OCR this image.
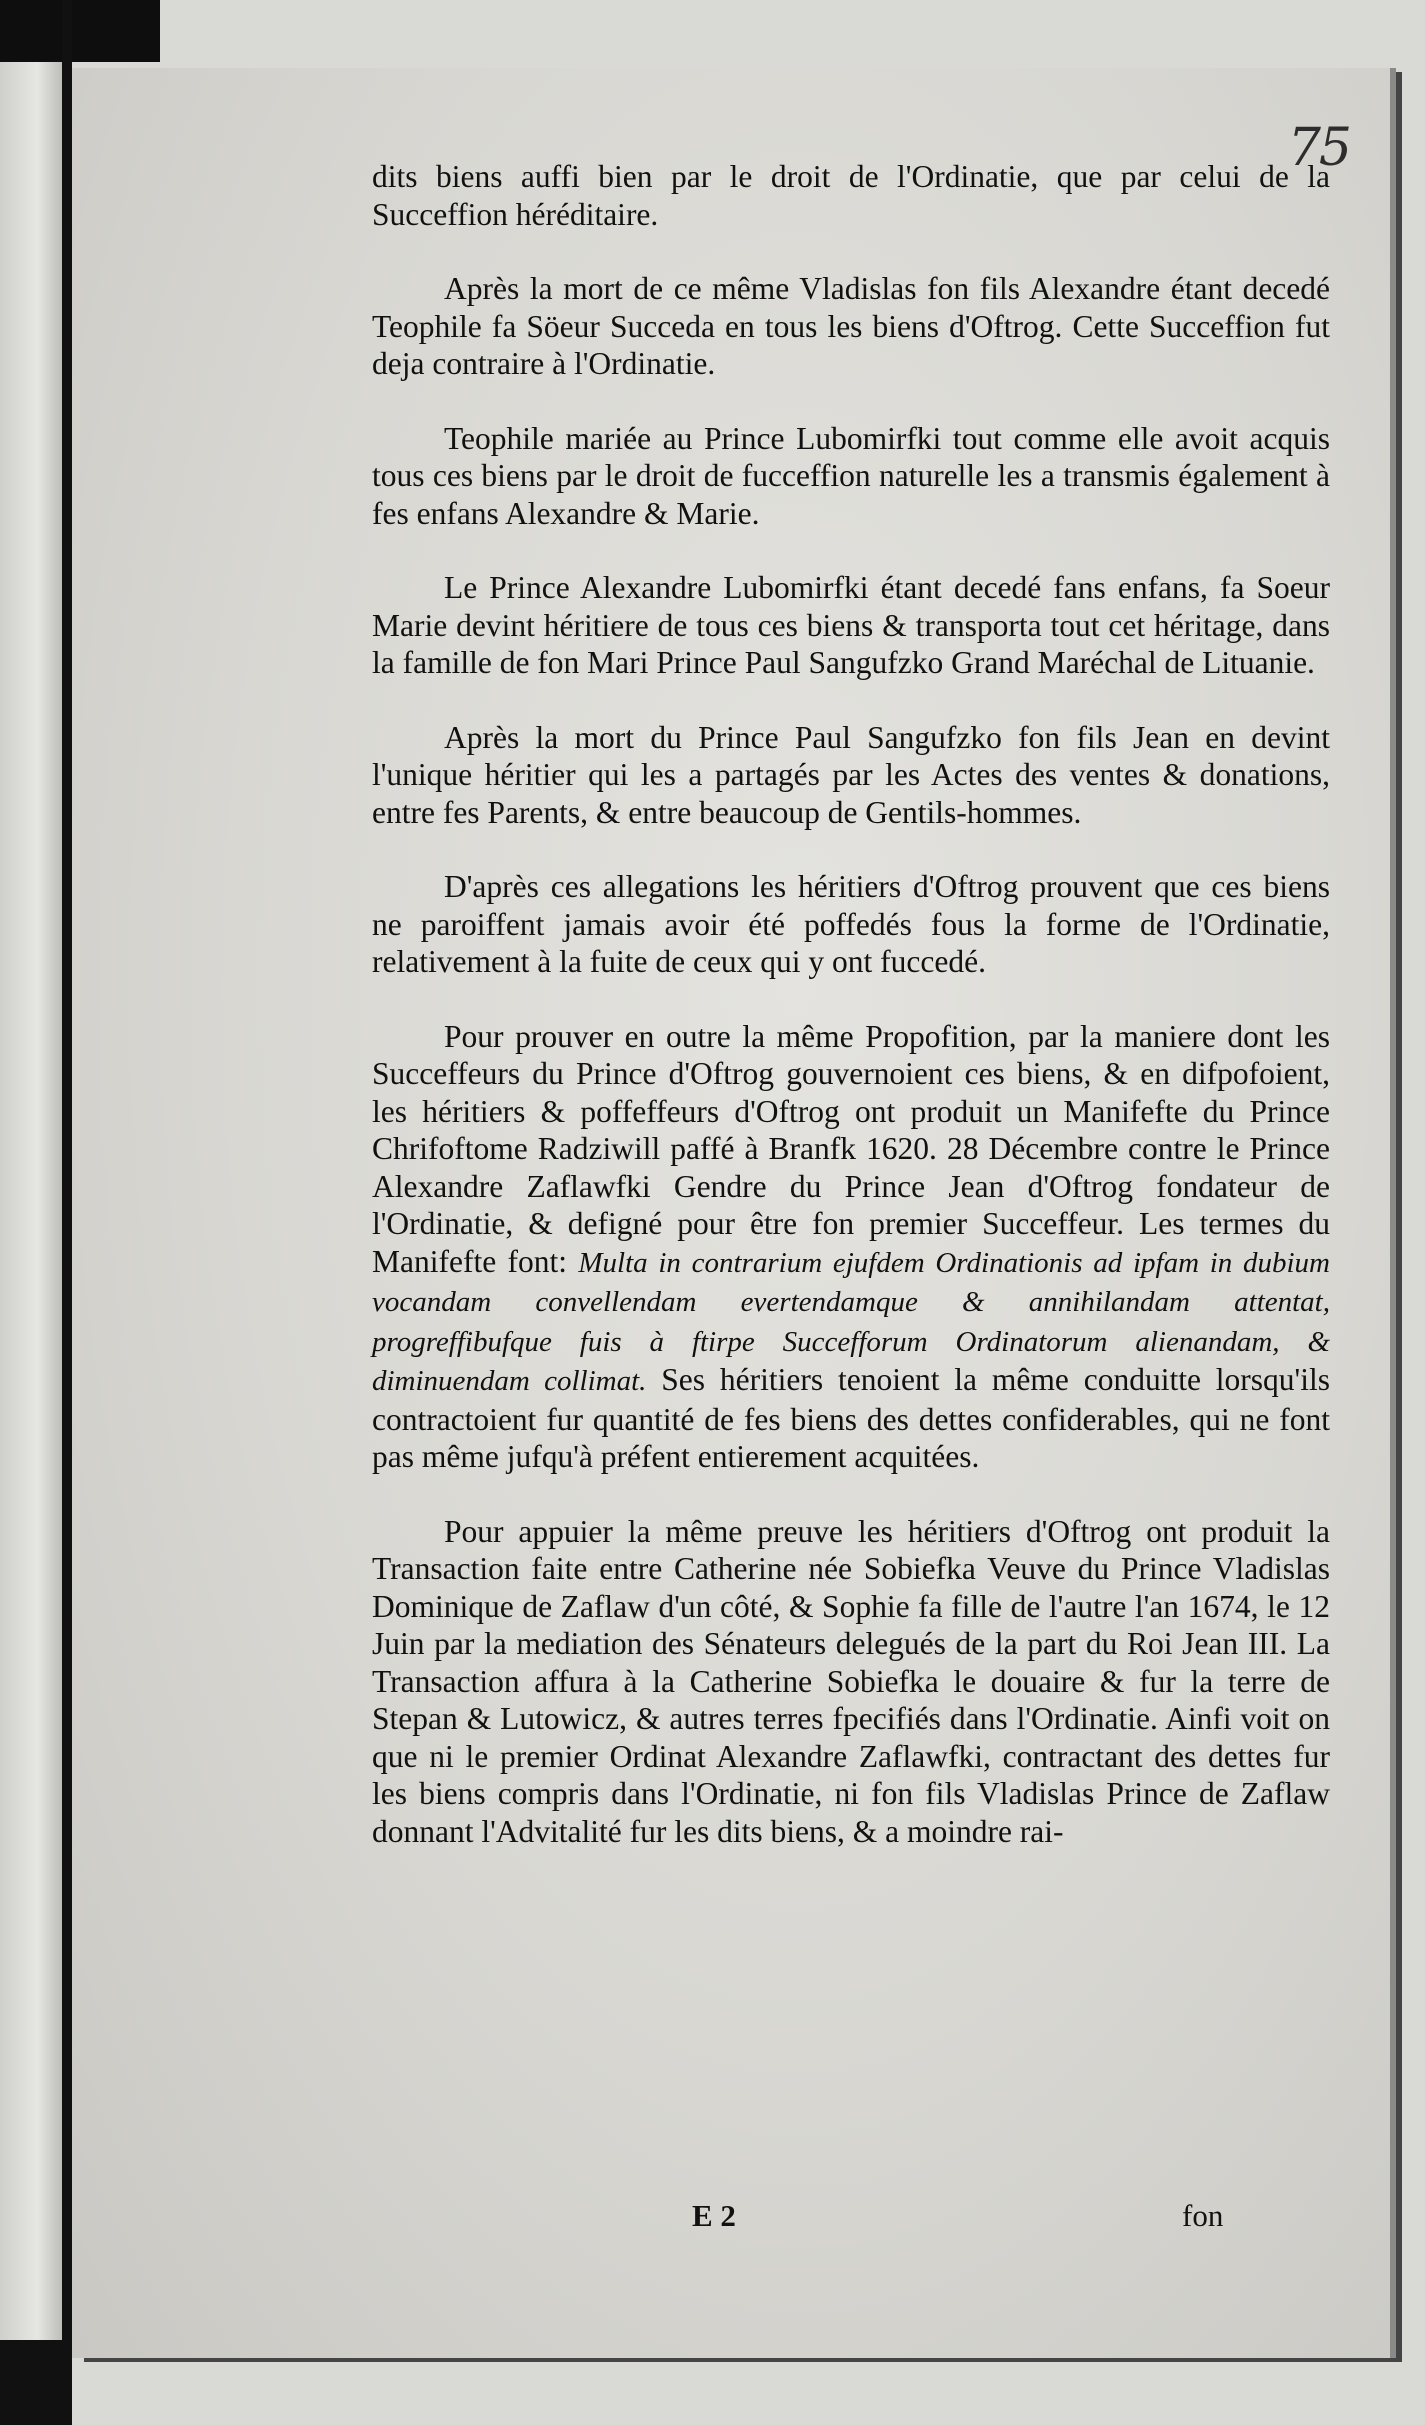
75

dits biens auffi bien par le droit de l'Ordinatie, que par celui de la Succeffion héréditaire.

Après la mort de ce même Vladislas fon fils Alexandre étant decedé Teophile fa Söeur Succeda en tous les biens d'Oftrog. Cette Succeffion fut deja contraire à l'Ordinatie.

Teophile mariée au Prince Lubomirfki tout comme elle avoit acquis tous ces biens par le droit de fucceffion naturelle les a transmis également à fes enfans Alexandre & Marie.

Le Prince Alexandre Lubomirfki étant decedé fans enfans, fa Soeur Marie devint héritiere de tous ces biens & transporta tout cet héritage, dans la famille de fon Mari Prince Paul Sangufzko Grand Maréchal de Lituanie.

Après la mort du Prince Paul Sangufzko fon fils Jean en devint l'unique héritier qui les a partagés par les Actes des ventes & donations, entre fes Parents, & entre beaucoup de Gentils-hommes.

D'après ces allegations les héritiers d'Oftrog prouvent que ces biens ne paroiffent jamais avoir été poffedés fous la forme de l'Ordinatie, relativement à la fuite de ceux qui y ont fuccedé.

Pour prouver en outre la même Propofition, par la maniere dont les Succeffeurs du Prince d'Oftrog gouvernoient ces biens, & en difpofoient, les héritiers & poffeffeurs d'Oftrog ont produit un Manifefte du Prince Chrifoftome Radziwill paffé à Branfk 1620. 28 Décembre contre le Prince Alexandre Zaflawfki Gendre du Prince Jean d'Oftrog fondateur de l'Ordinatie, & defigné pour être fon premier Succeffeur. Les termes du Manifefte font: Multa in contrarium ejufdem Ordinationis ad ipfam in dubium vocandam convellendam evertendamque & annihilandam attentat, progreffibufque fuis à ftirpe Succefforum Ordinatorum alienandam, & diminuendam collimat. Ses héritiers tenoient la même conduitte lorsqu'ils contractoient fur quantité de fes biens des dettes confiderables, qui ne font pas même jufqu'à préfent entierement acquitées.

Pour appuier la même preuve les héritiers d'Oftrog ont produit la Transaction faite entre Catherine née Sobiefka Veuve du Prince Vladislas Dominique de Zaflaw d'un côté, & Sophie fa fille de l'autre l'an 1674, le 12 Juin par la mediation des Sénateurs delegués de la part du Roi Jean III. La Transaction affura à la Catherine Sobiefka le douaire & fur la terre de Stepan & Lutowicz, & autres terres fpecifiés dans l'Ordinatie. Ainfi voit on que ni le premier Ordinat Alexandre Zaflawfki, contractant des dettes fur les biens compris dans l'Ordinatie, ni fon fils Vladislas Prince de Zaflaw donnant l'Advitalité fur les dits biens, & a moindre rai-

E 2	fon
